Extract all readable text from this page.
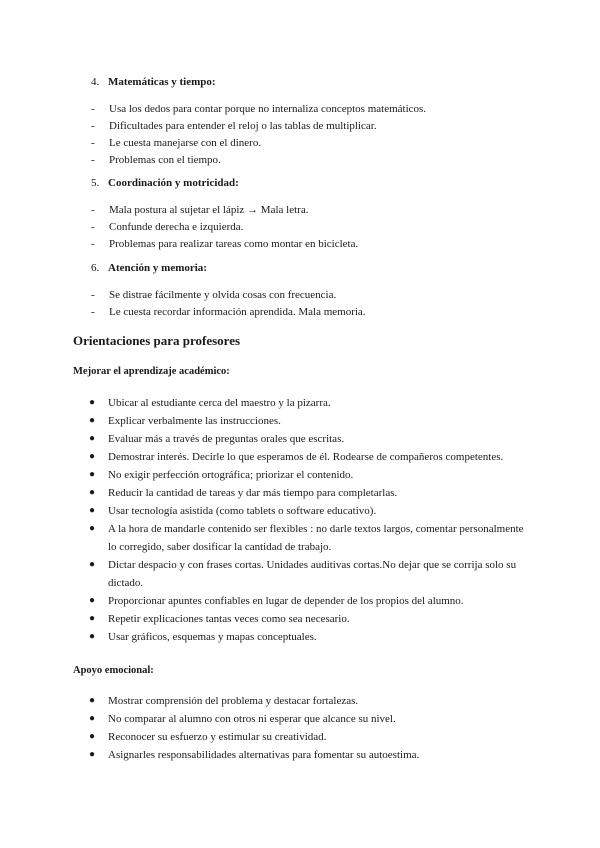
4. Matemáticas y tiempo:
- Usa los dedos para contar porque no internaliza conceptos matemáticos.
- Dificultades para entender el reloj o las tablas de multiplicar.
- Le cuesta manejarse con el dinero.
- Problemas con el tiempo.
5. Coordinación y motricidad:
- Mala postura al sujetar el lápiz → Mala letra.
- Confunde derecha e izquierda.
- Problemas para realizar tareas como montar en bicicleta.
6. Atención y memoria:
- Se distrae fácilmente y olvida cosas con frecuencia.
- Le cuesta recordar información aprendida. Mala memoria.
Orientaciones para profesores
Mejorar el aprendizaje académico:
● Ubicar al estudiante cerca del maestro y la pizarra.
● Explicar verbalmente las instrucciones.
● Evaluar más a través de preguntas orales que escritas.
● Demostrar interés. Decirle lo que esperamos de él. Rodearse de compañeros competentes.
● No exigir perfección ortográfica; priorizar el contenido.
● Reducir la cantidad de tareas y dar más tiempo para completarlas.
● Usar tecnología asistida (como tablets o software educativo).
● A la hora de mandarle contenido ser flexibles : no darle textos largos, comentar personalmente lo corregido, saber dosificar la cantidad de trabajo.
● Dictar despacio y con frases cortas. Unidades auditivas cortas.No dejar que se corrija solo su dictado.
● Proporcionar apuntes confiables en lugar de depender de los propios del alumno.
● Repetir explicaciones tantas veces como sea necesario.
● Usar gráficos, esquemas y mapas conceptuales.
Apoyo emocional:
● Mostrar comprensión del problema y destacar fortalezas.
● No comparar al alumno con otros ni esperar que alcance su nivel.
● Reconocer su esfuerzo y estimular su creatividad.
● Asignarles responsabilidades alternativas para fomentar su autoestima.
